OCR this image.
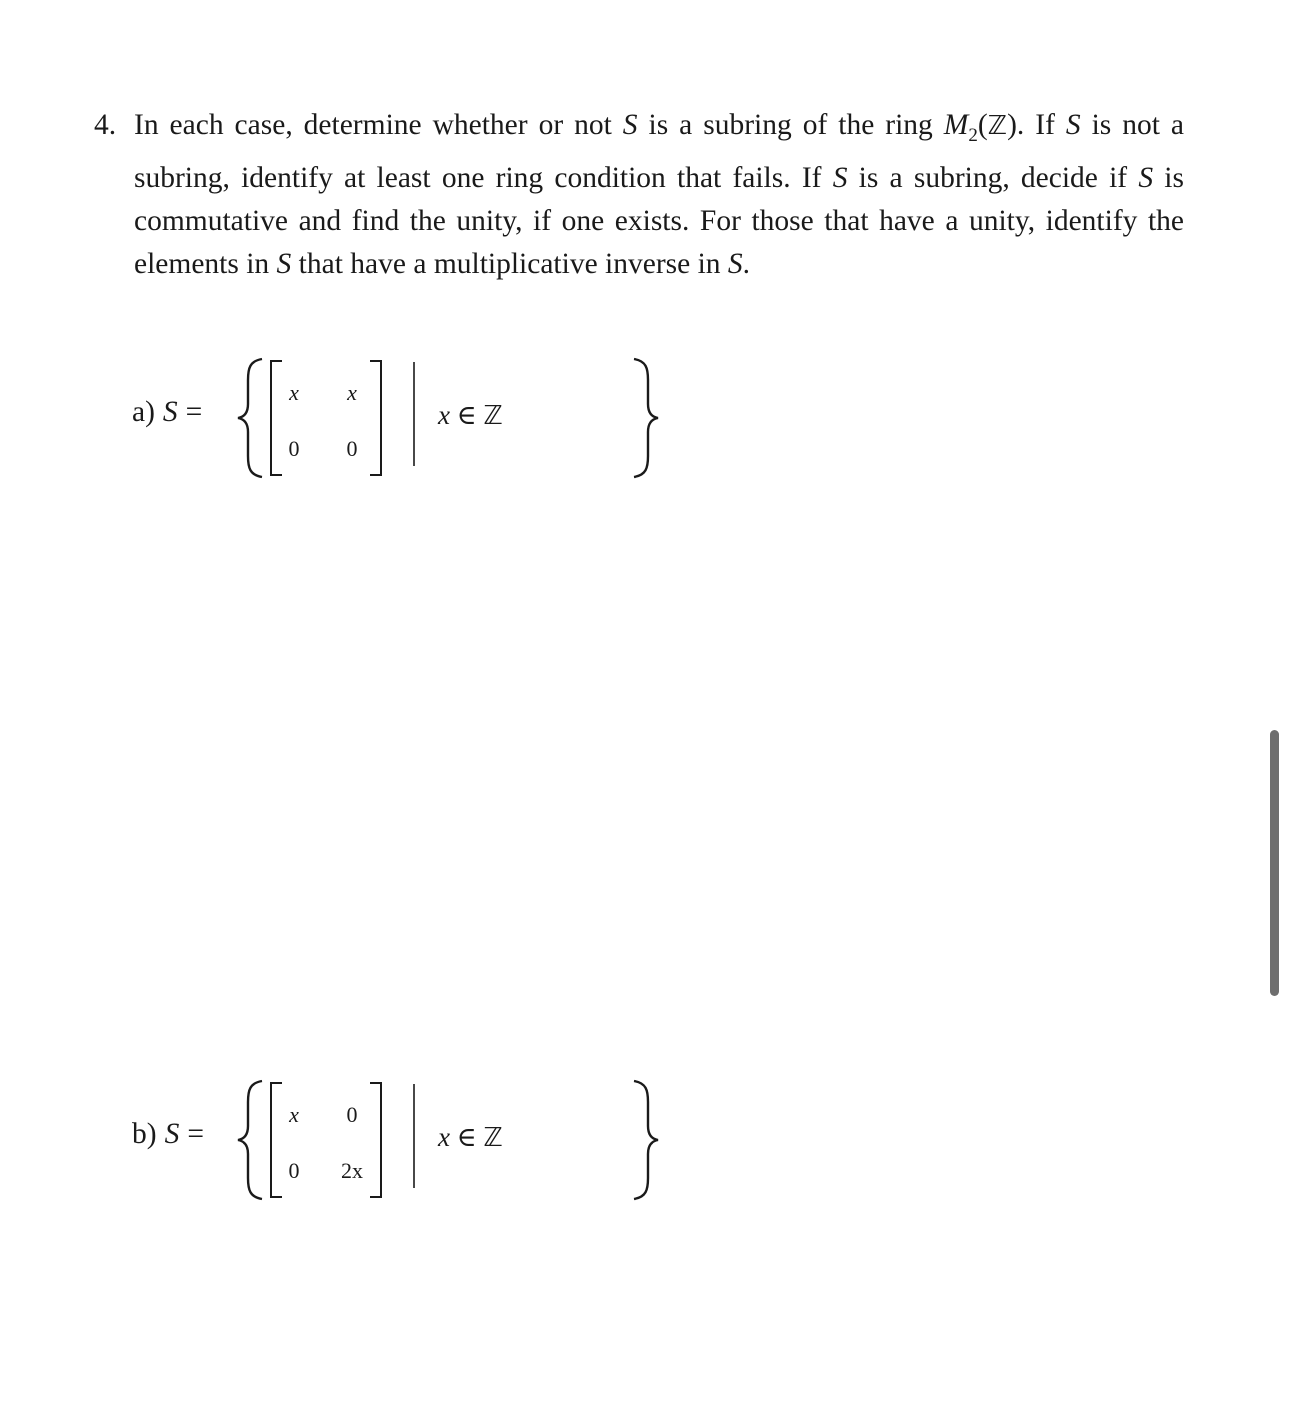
4. In each case, determine whether or not S is a subring of the ring $M_2(ℤ)$. If S is not a subring, identify at least one ring condition that fails. If S is a subring, decide if S is commutative and find the unity, if one exists. For those that have a unity, identify the elements in S that have a multiplicative inverse in S.
a) S =
x	x
0	0
x ∈ ℤ
b) S =
x	0
0	2x
x ∈ ℤ
